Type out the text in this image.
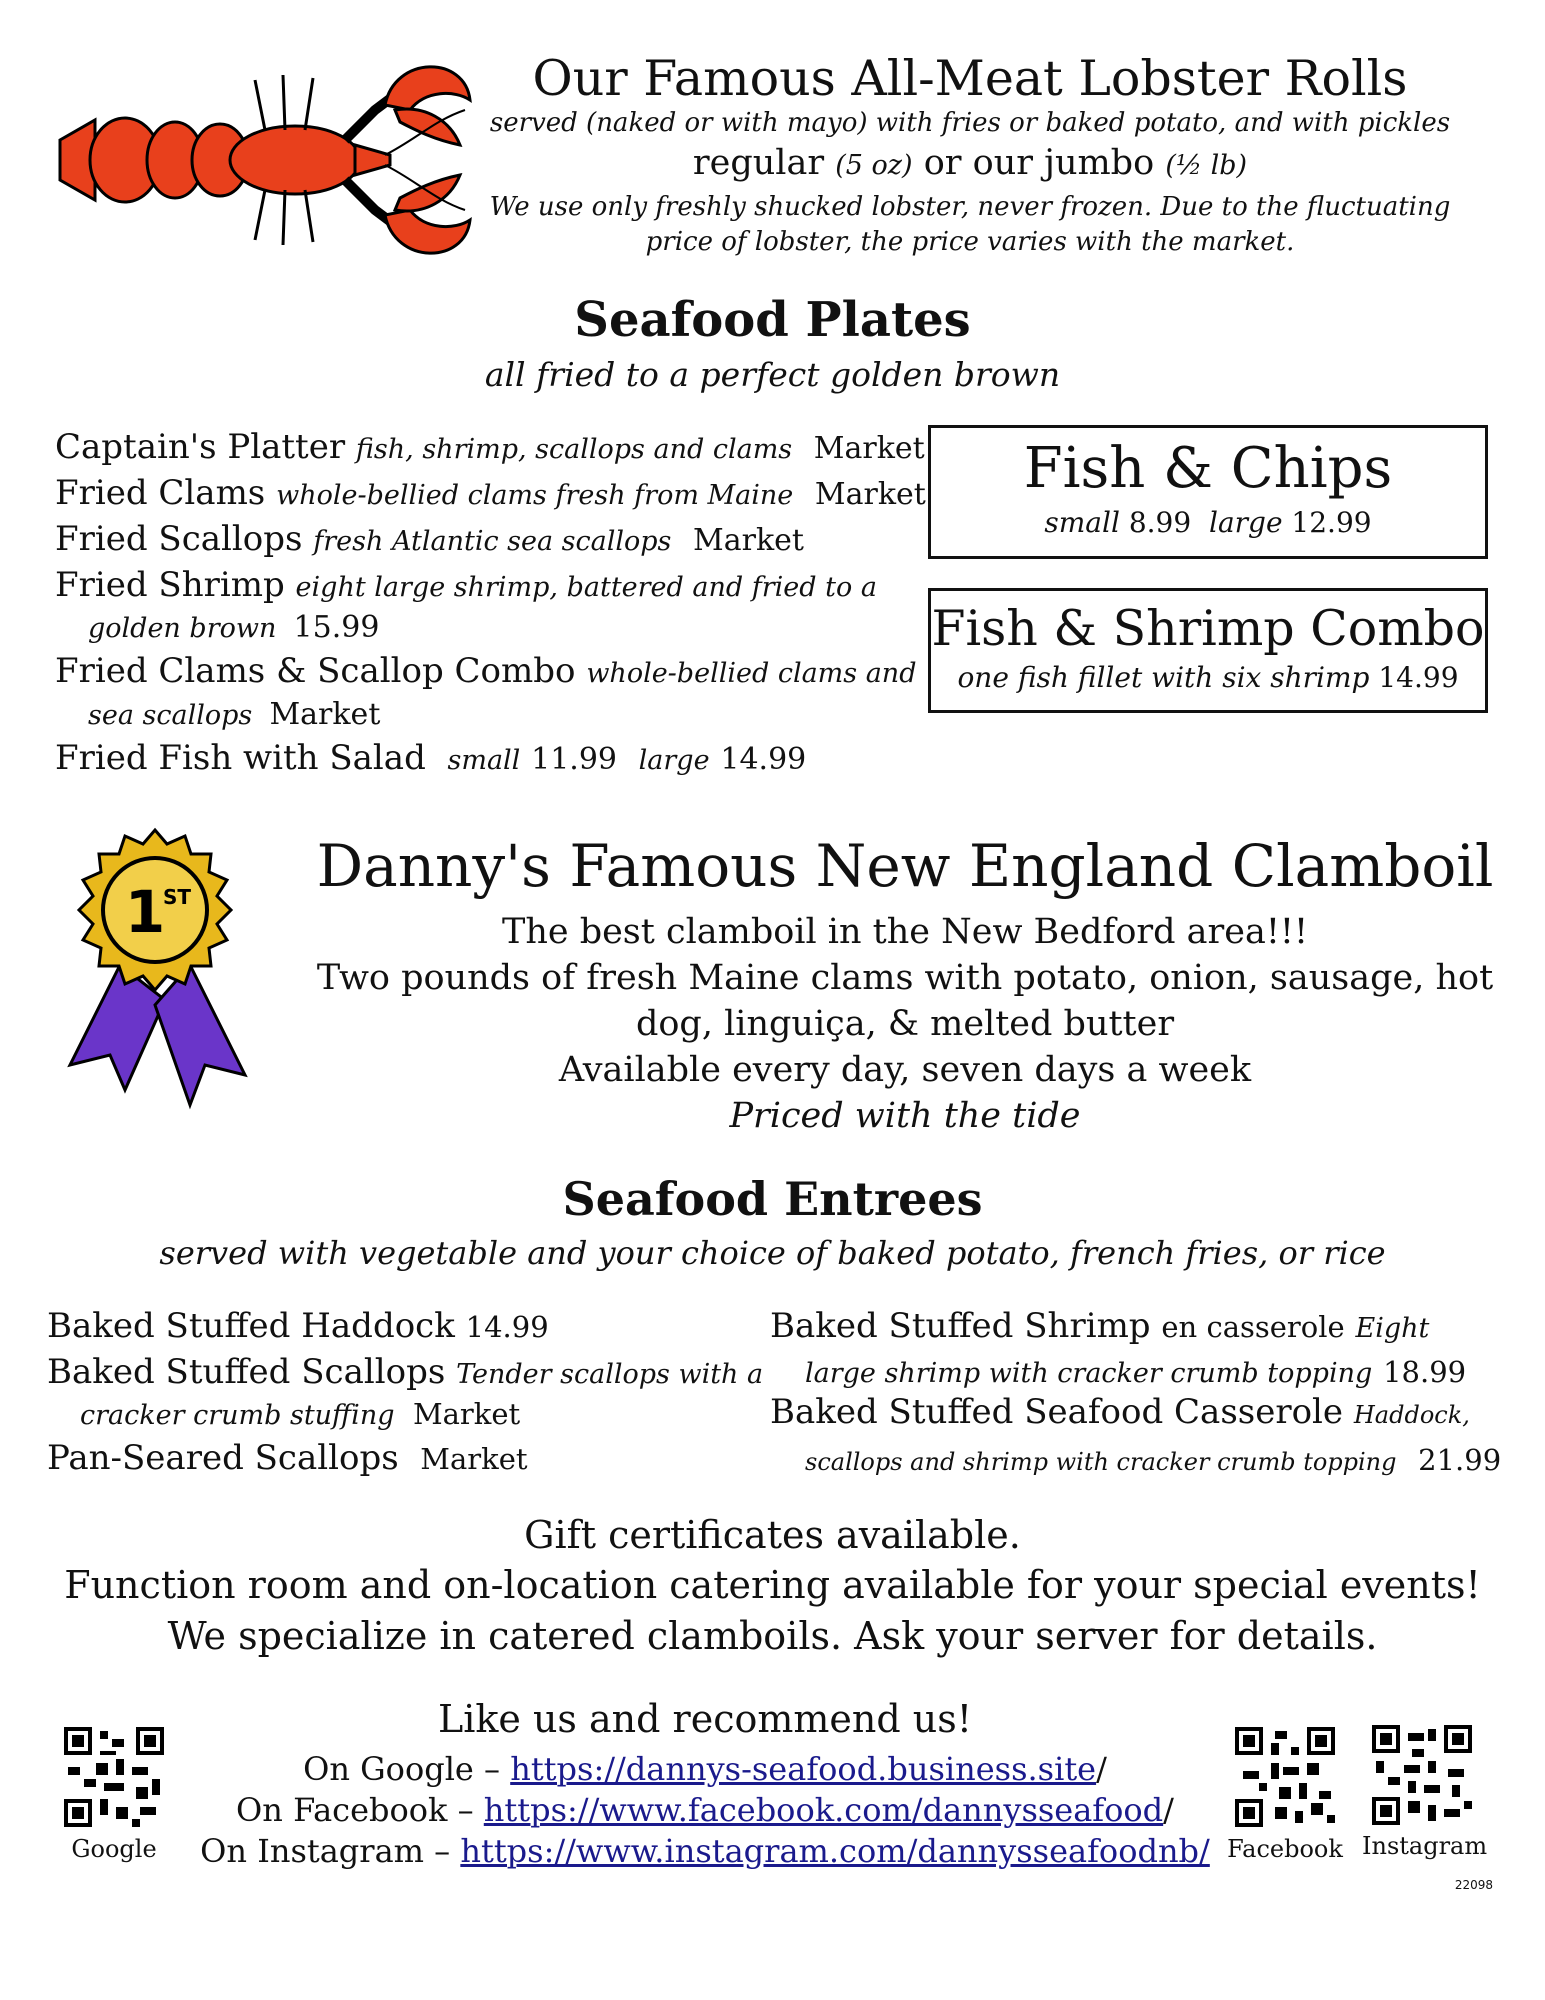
Our Famous All-Meat Lobster Rolls
served (naked or with mayo) with fries or baked potato, and with pickles
regular (5 oz) or our jumbo (½ lb)
We use only freshly shucked lobster, never frozen. Due to the fluctuating
price of lobster, the price varies with the market.
Seafood Plates
all fried to a perfect golden brown
Captain's Platter fish, shrimp, scallops and clams Market
Fried Clams whole-bellied clams fresh from Maine Market
Fried Scallops fresh Atlantic sea scallops Market
Fried Shrimp eight large shrimp, battered and fried to a
golden brown 15.99
Fried Clams & Scallop Combo whole-bellied clams and
sea scallops Market
Fried Fish with Salad small 11.99 large 14.99
Fish & Chips
small 8.99 large 12.99
Fish & Shrimp Combo
one fish fillet with six shrimp 14.99
1
ST	Danny's Famous New England Clamboil
The best clamboil in the New Bedford area!!!
Two pounds of fresh Maine clams with potato, onion, sausage, hot
dog, linguiça, & melted butter
Available every day, seven days a week
Priced with the tide
Seafood Entrees
served with vegetable and your choice of baked potato, french fries, or rice
Baked Stuffed Haddock 14.99
Baked Stuffed Scallops Tender scallops with a
cracker crumb stuffing Market
Pan-Seared Scallops Market
Baked Stuffed Shrimp en casserole Eight
large shrimp with cracker crumb topping 18.99
Baked Stuffed Seafood Casserole Haddock,
scallops and shrimp with cracker crumb topping 21.99
Gift certificates available.
Function room and on-location catering available for your special events!
We specialize in catered clamboils. Ask your server for details.
Like us and recommend us!
On Google – https://dannys-seafood.business.site/
On Facebook – https://www.facebook.com/dannysseafood/
On Instagram – https://www.instagram.com/dannysseafoodnb/
Google	Facebook Instagram
22098
